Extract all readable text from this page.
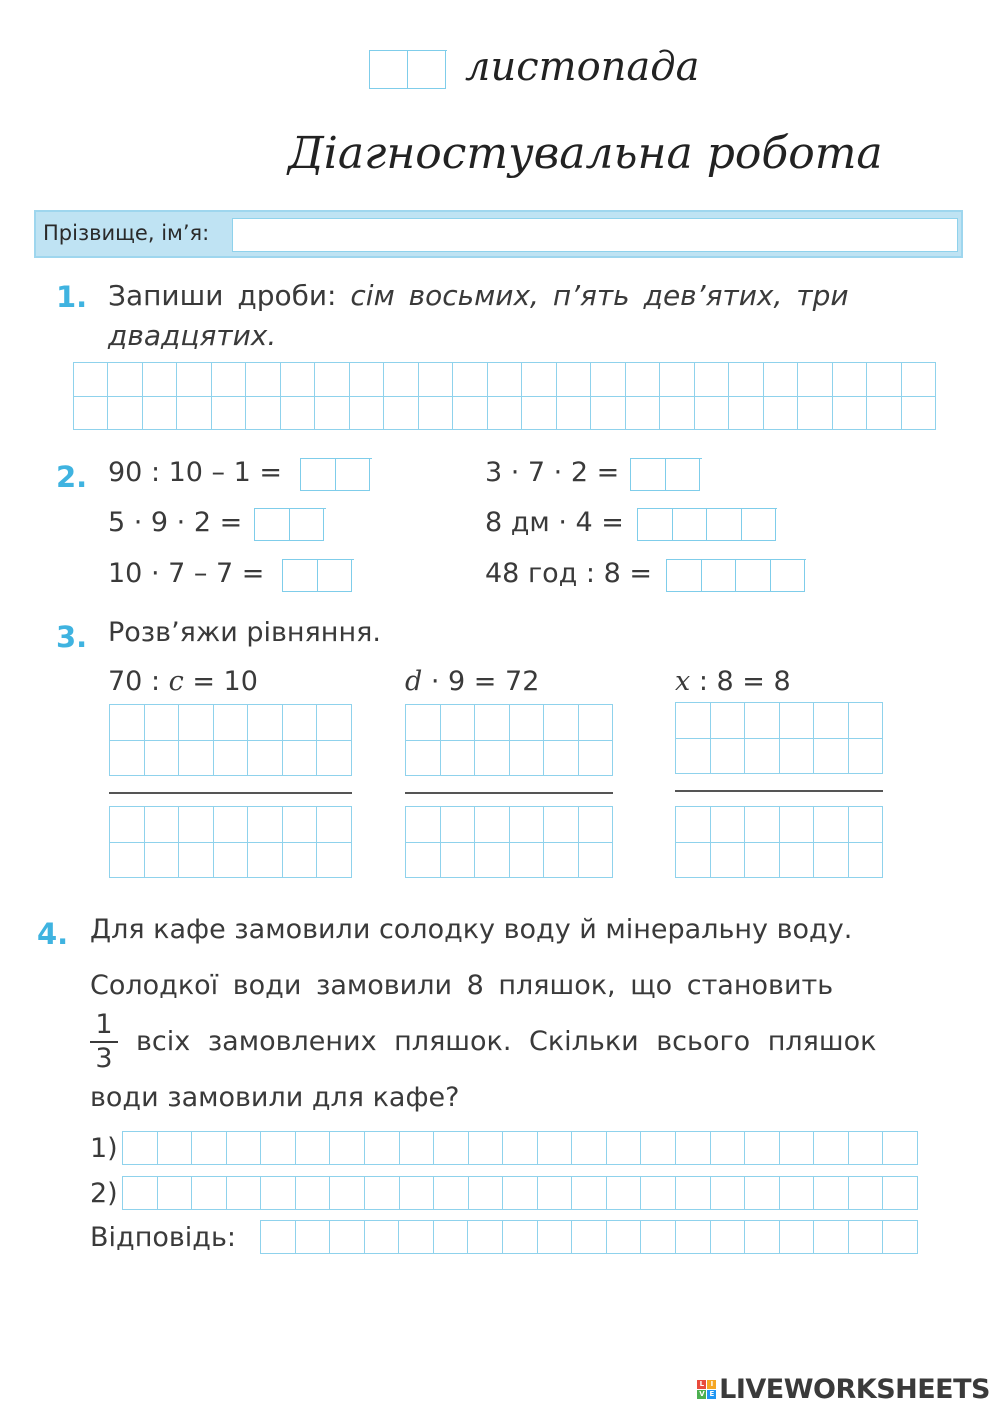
листопада
Діагностувальна робота
Прізвище, ім’я:
1. Запиши дроби: сім восьмих, п’ять дев’ятих, три
двадцятих.
2. 90 : 10 – 1 =
5 · 9 · 2 =
10 · 7 – 7 =
3 · 7 · 2 =
8 дм · 4 =
48 год : 8 =
3. Розв’яжи рівняння.
70 : c = 10	d · 9 = 72	x : 8 = 8
4. Для кафе замовили солодку воду й мінеральну воду.
Солодкої води замовили 8 пляшок, що становить
1
3
всіх замовлених пляшок. Скільки всього пляшок
води замовили для кафе?
1)
2)
Відповідь:
L I
V E LIVEWORKSHEETS
